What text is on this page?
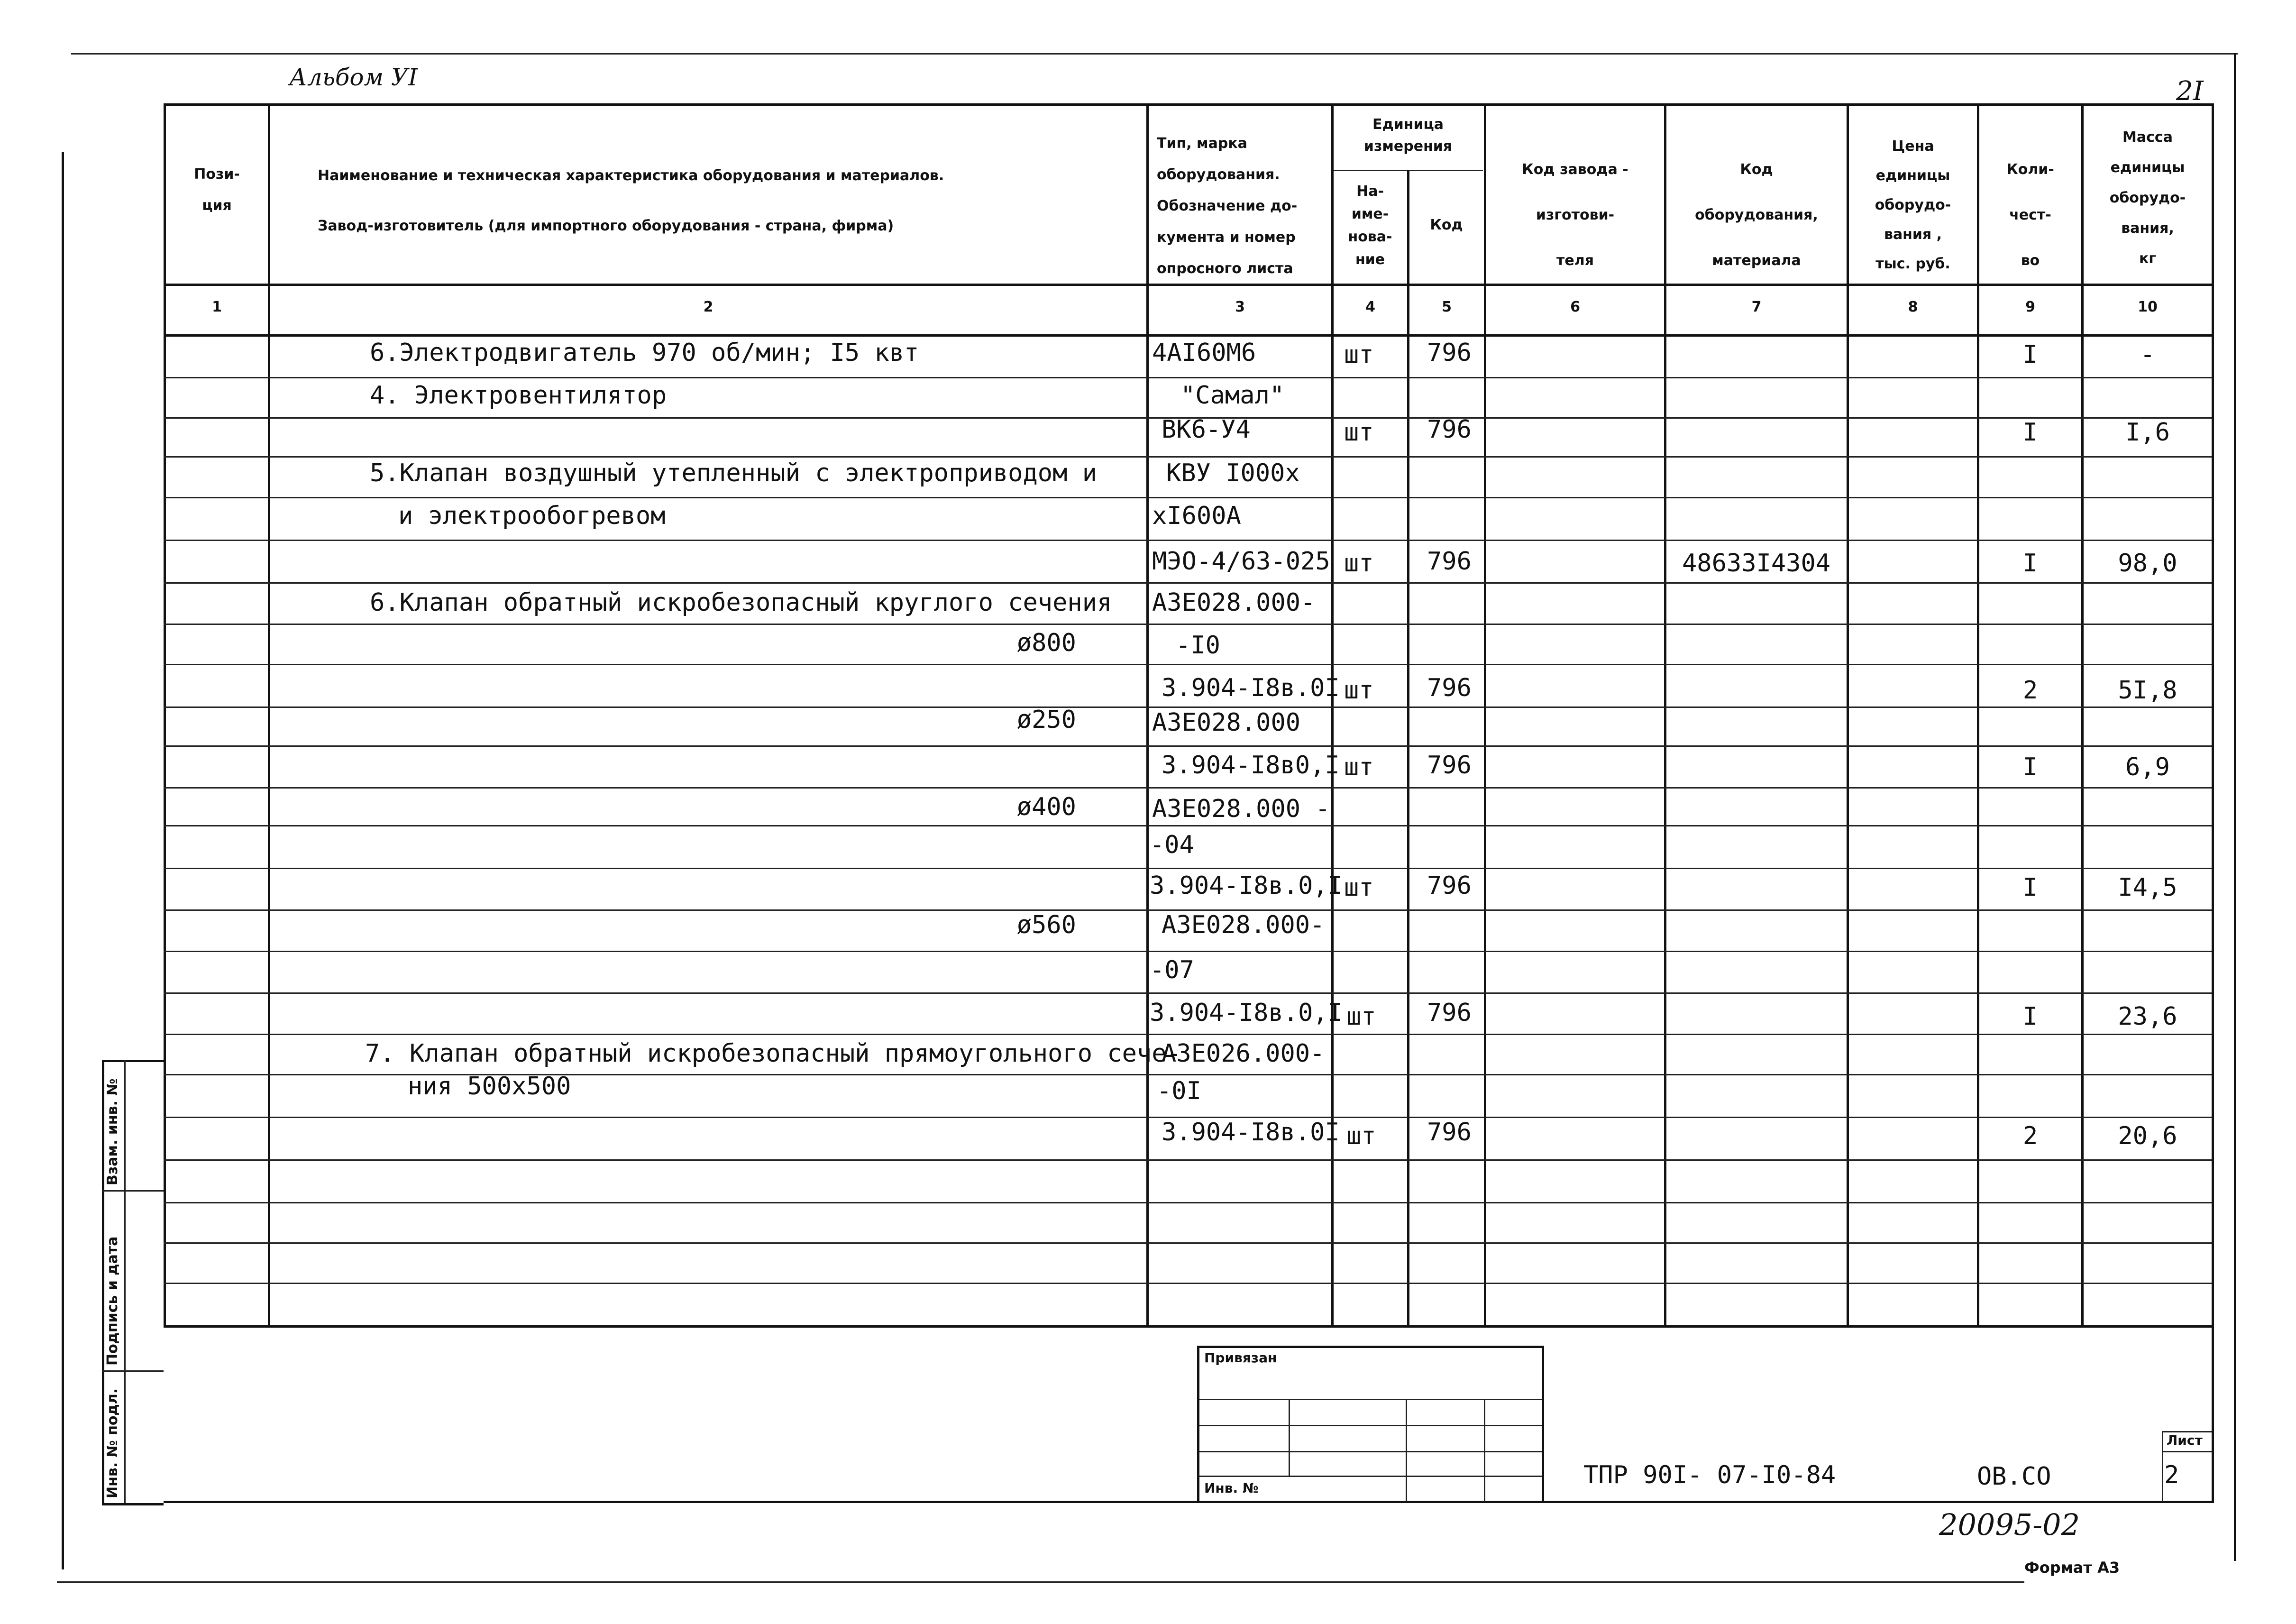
Альбом УI	2I
Пози-
ция
Наименование и техническая характеристика оборудования и материалов.
Завод-изготовитель (для импортного оборудования - страна, фирма)
Тип, марка
оборудования.
Обозначение до-
кумента и номер
опросного листа
Единица
измерения
На-
име-
нова-
ние
Код
Код завода -
изготови-
теля
Код
оборудования,
материала
Цена
единицы
оборудо-
вания ,
тыс. руб.
Коли-
чест-
во
Масса
единицы
оборудо-
вания,
кг
1	2	3	4	5	6	7	8	9	10
6.Электродвигатель 970 об/мин; I5 квт	4AI60M6	шт 796	I	-
4. Электровентилятор	"Самал"
ВК6-У4	шт 796	I	I,6
5.Клапан воздушный утепленный с электроприводом и	КВУ I000x
и электрообогревом	xI600A
МЭО-4/63-025 шт 796	48633I4304	I	98,0
6.Клапан обратный искробезопасный круглого сечения АЗЕ028.000-
ø800	-I0
3.904-I8в.0I шт 796	2	5I,8
ø250	АЗЕ028.000
3.904-I8в0,I шт 796	I	6,9
ø400	АЗЕ028.000 -
-04
3.904-I8в.0,I шт 796	I	I4,5
ø560	АЗЕ028.000-
-07
3.904-I8в.0,I шт 796	I	23,6
7. Клапан обратный искробезопасный прямоугольного сече-
ния 500x500
АЗЕ026.000-
-0I
3.904-I8в.0I шт 796	2	20,6
Инв. № подл.
Подпись и дата
Взам. инв. №
Привязан
Инв. №
Лист
2
ТПР 90I- 07-I0-84	ОВ.СО
20095-02
Формат А3
